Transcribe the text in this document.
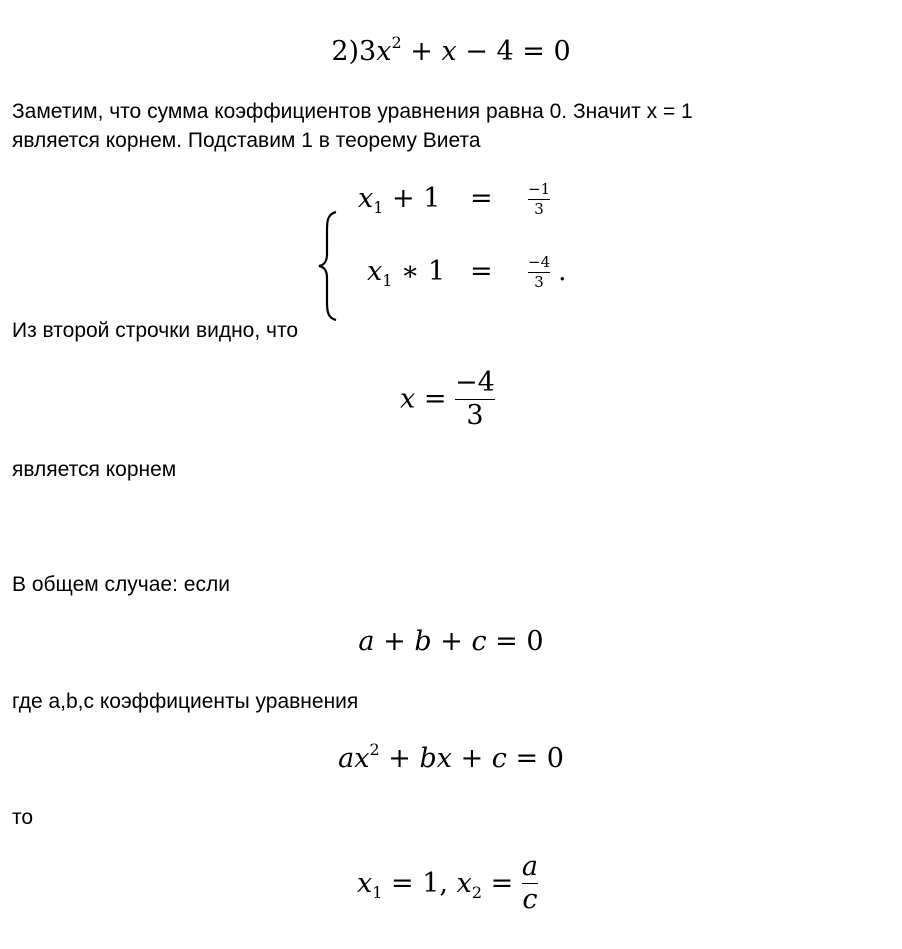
$2)3x^2 + x - 4 = 0$
Заметим, что сумма коэффициентов уравнения равна 0. Значит x = 1
является корнем. Подставим 1 в теорему Виета
$x_1 + 1 = -1$
3
$x_1$ ∗ 1 = −4
3 .
Из второй строчки видно, что
$x = \frac{-4}{3}$
является корнем
В общем случае: если
a + b + c = 0
где a,b,c коэффициенты уравнения
$ax^2$ + bx + c = 0
то
$x_1 = 1$, $x_2 = \frac{a}{c}$
